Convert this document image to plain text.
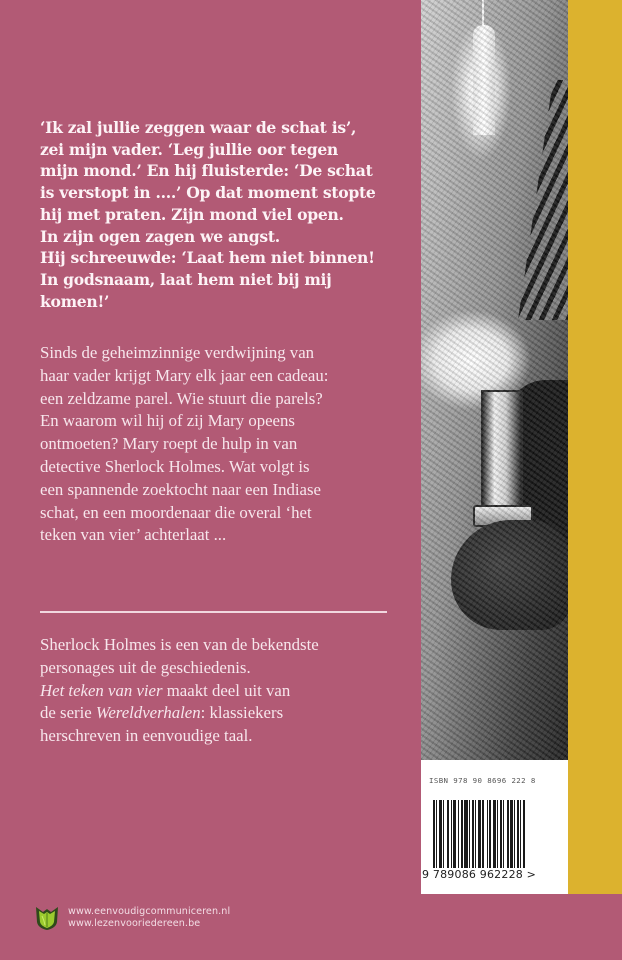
‘Ik zal jullie zeggen waar de schat is’,
zei mijn vader. ‘Leg jullie oor tegen
mijn mond.’ En hij fluisterde: ‘De schat
is verstopt in ....’ Op dat moment stopte
hij met praten. Zijn mond viel open.
In zijn ogen zagen we angst.
Hij schreeuwde: ‘Laat hem niet binnen!
In godsnaam, laat hem niet bij mij
komen!’
Sinds de geheimzinnige verdwijning van
haar vader krijgt Mary elk jaar een cadeau:
een zeldzame parel. Wie stuurt die parels?
En waarom wil hij of zij Mary opeens
ontmoeten? Mary roept de hulp in van
detective Sherlock Holmes. Wat volgt is
een spannende zoektocht naar een Indiase
schat, en een moordenaar die overal ‘het
teken van vier’ achterlaat ...
Sherlock Holmes is een van de bekendste
personages uit de geschiedenis.
Het teken van vier maakt deel uit van
de serie Wereldverhalen: klassiekers
herschreven in eenvoudige taal.
ISBN 978 90 8696 222 8
9 789086 962228 >
www.eenvoudigcommuniceren.nl
www.lezenvooriedereen.be
